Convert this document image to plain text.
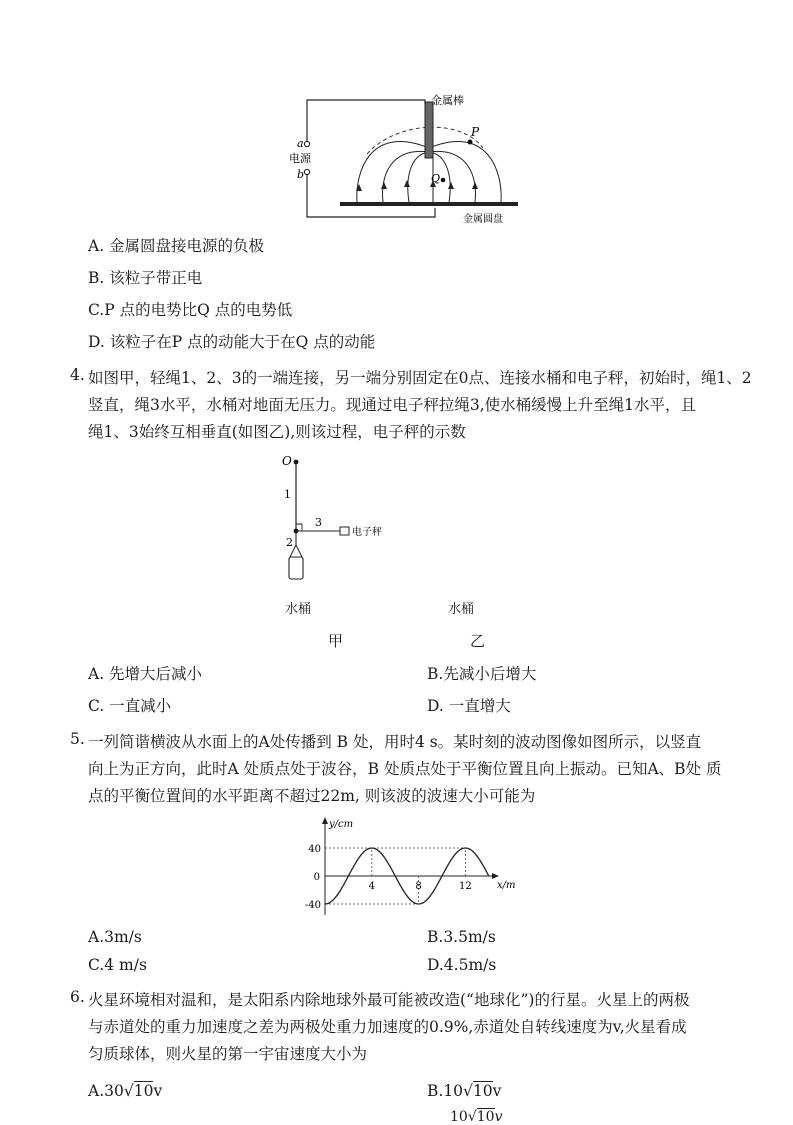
P
Q
金属棒
金属圆盘
a
电源
b
A. 金属圆盘接电源的负极
B. 该粒子带正电
C.P 点的电势比Q 点的电势低
D. 该粒子在P 点的动能大于在Q 点的动能
4. 如图甲，轻绳1、2、3的一端连接，另一端分别固定在0点、连接水桶和电子秤，初始时，绳1、2
竖直，绳3水平，水桶对地面无压力。现通过电子秤拉绳3,使水桶缓慢上升至绳1水平，且
绳1、3始终互相垂直(如图乙),则该过程，电子秤的示数
O
1
3
2
电子秤
水桶	水桶
甲	乙
A. 先增大后减小	B.先减小后增大
C. 一直减小	D. 一直增大
5. 一列简谐横波从水面上的A处传播到 B 处，用时4 s。某时刻的波动图像如图所示，以竖直
向上为正方向，此时A 处质点处于波谷，B 处质点处于平衡位置且向上振动。已知A、B处 质
点的平衡位置间的水平距离不超过22m, 则该波的波速大小可能为
y/cm
x/m
0
40
-40
4	8	12
A.3m/s	B.3.5m/s
C.4 m/s	D.4.5m/s
6. 火星环境相对温和，是太阳系内除地球外最可能被改造(“地球化”)的行星。火星上的两极
与赤道处的重力加速度之差为两极处重力加速度的0.9%,赤道处自转线速度为v,火星看成
匀质球体，则火星的第一宇宙速度大小为
A.30√10v	B.10√10v
10√10v
